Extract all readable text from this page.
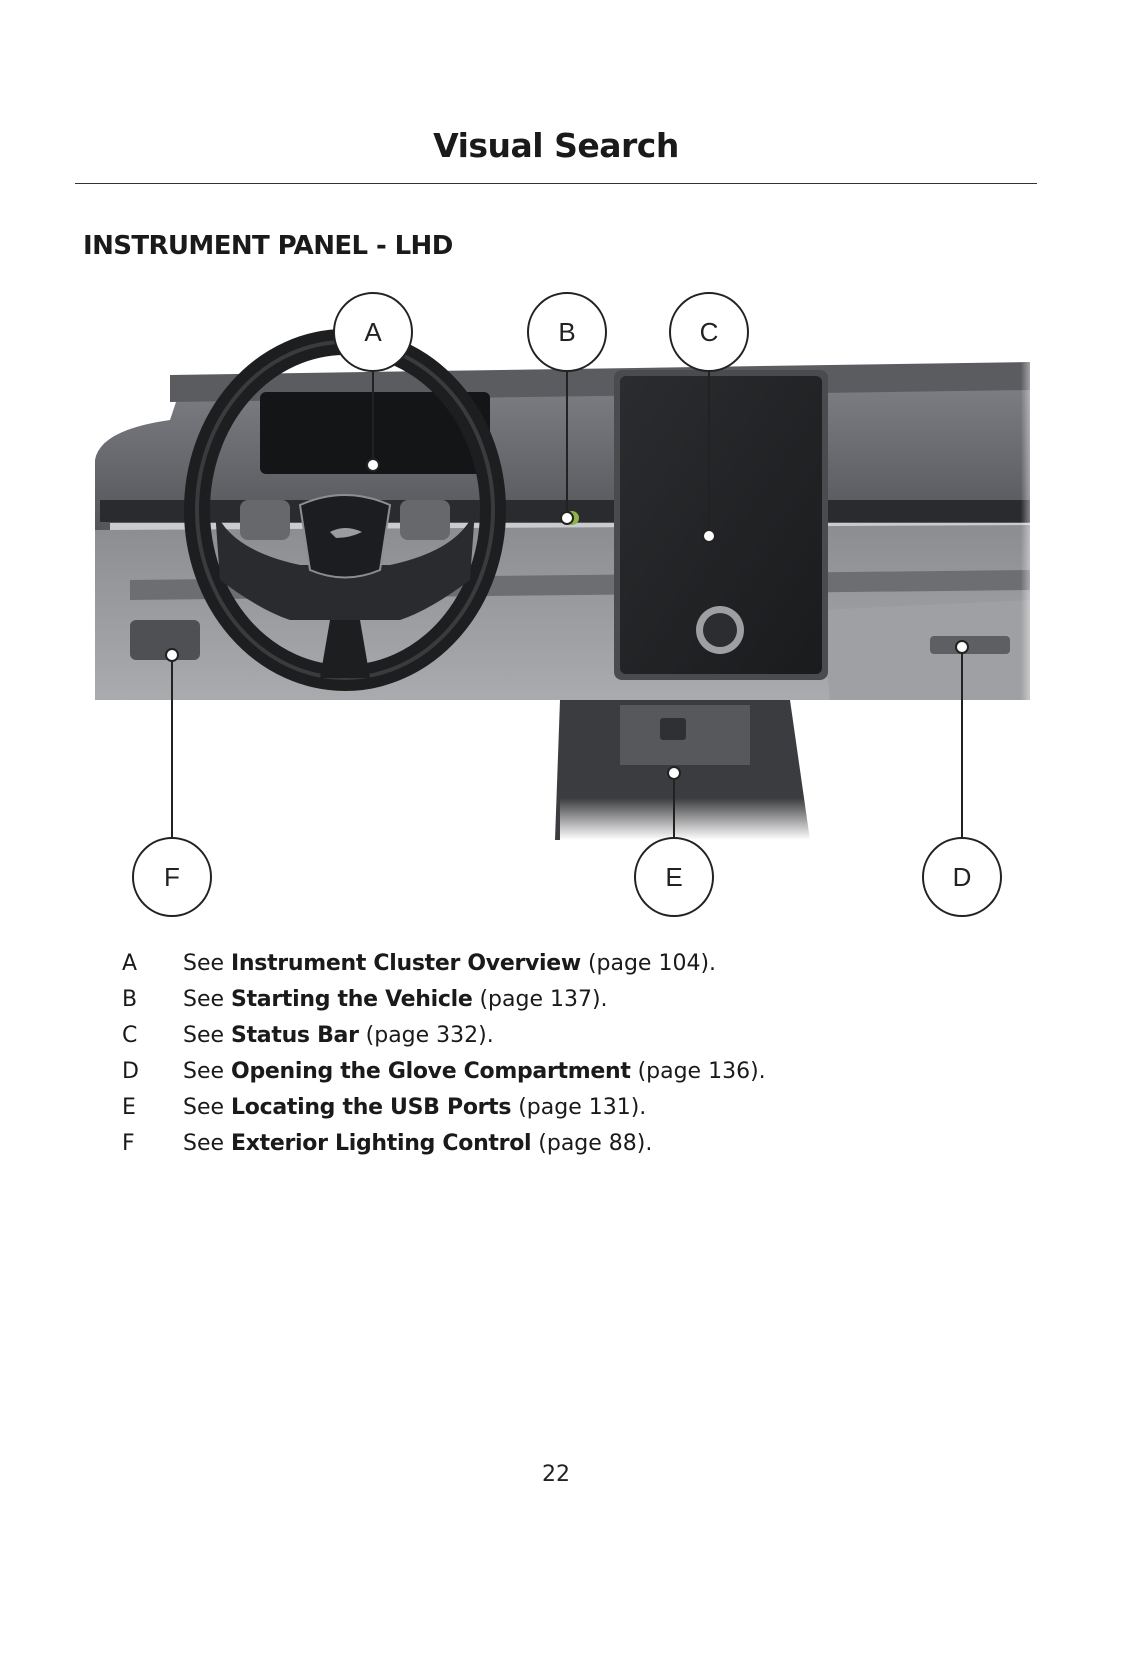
Visual Search
INSTRUMENT PANEL - LHD
A	B	C
D
E
F
A	See Instrument Cluster Overview (page 104).
B	See Starting the Vehicle (page 137).
C	See Status Bar (page 332).
D See Opening the Glove Compartment (page 136).
E	See Locating the USB Ports (page 131).
F	See Exterior Lighting Control (page 88).
22
